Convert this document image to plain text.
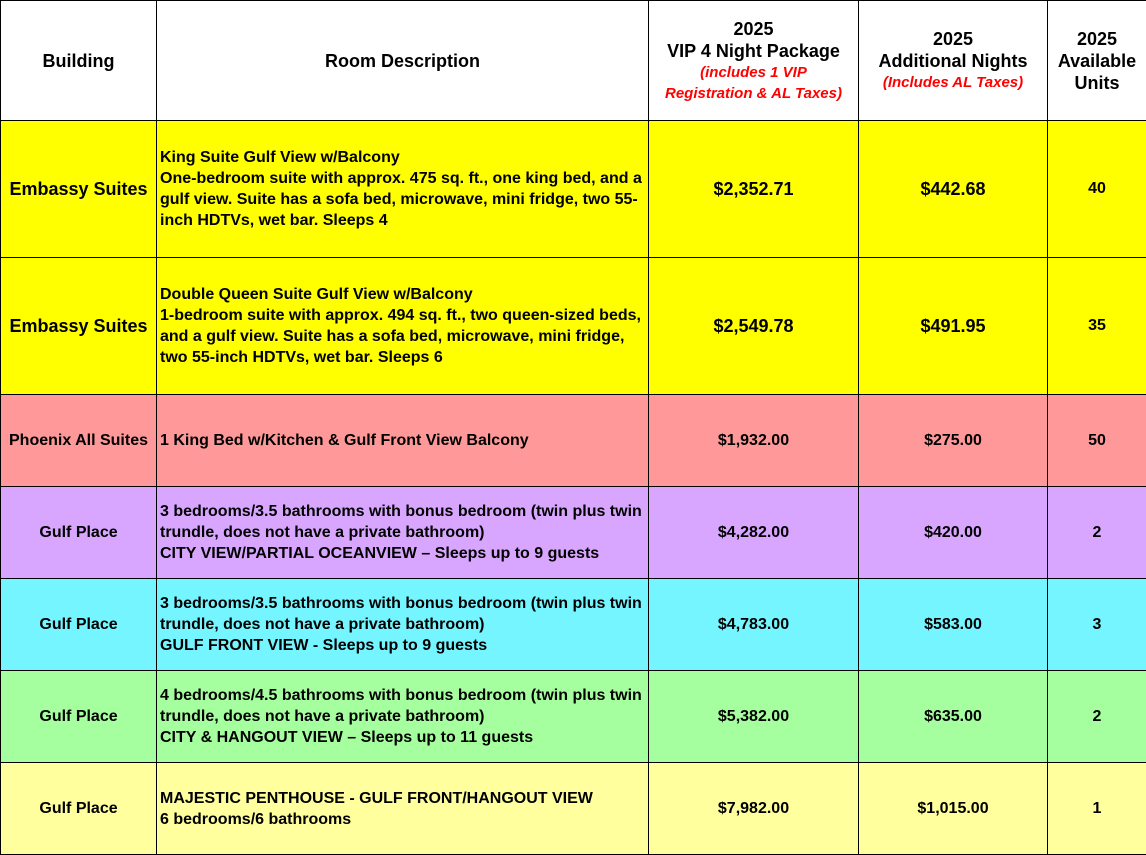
Building	Room Description	2025
VIP 4 Night Package
(includes 1 VIP
Registration & AL Taxes)	2025
Additional Nights
(Includes AL Taxes)	2025
Available
Units

Embassy Suites	King Suite Gulf View w/Balcony
One-bedroom suite with approx. 475 sq. ft., one king bed, and a
gulf view. Suite has a sofa bed, microwave, mini fridge, two 55-
inch HDTVs, wet bar. Sleeps 4	$2,352.71	$442.68	40
Embassy Suites	Double Queen Suite Gulf View w/Balcony
1-bedroom suite with approx. 494 sq. ft., two queen-sized beds,
and a gulf view. Suite has a sofa bed, microwave, mini fridge,
two 55-inch HDTVs, wet bar. Sleeps 6	$2,549.78	$491.95	35
Phoenix All Suites	1 King Bed w/Kitchen & Gulf Front View Balcony	$1,932.00	$275.00	50
Gulf Place	3 bedrooms/3.5 bathrooms with bonus bedroom (twin plus twin
trundle, does not have a private bathroom)
CITY VIEW/PARTIAL OCEANVIEW – Sleeps up to 9 guests	$4,282.00	$420.00	2
Gulf Place	3 bedrooms/3.5 bathrooms with bonus bedroom (twin plus twin
trundle, does not have a private bathroom)
GULF FRONT VIEW - Sleeps up to 9 guests	$4,783.00	$583.00	3
Gulf Place	4 bedrooms/4.5 bathrooms with bonus bedroom (twin plus twin
trundle, does not have a private bathroom)
CITY & HANGOUT VIEW – Sleeps up to 11 guests	$5,382.00	$635.00	2
Gulf Place	MAJESTIC PENTHOUSE - GULF FRONT/HANGOUT VIEW
6 bedrooms/6 bathrooms	$7,982.00	$1,015.00	1
